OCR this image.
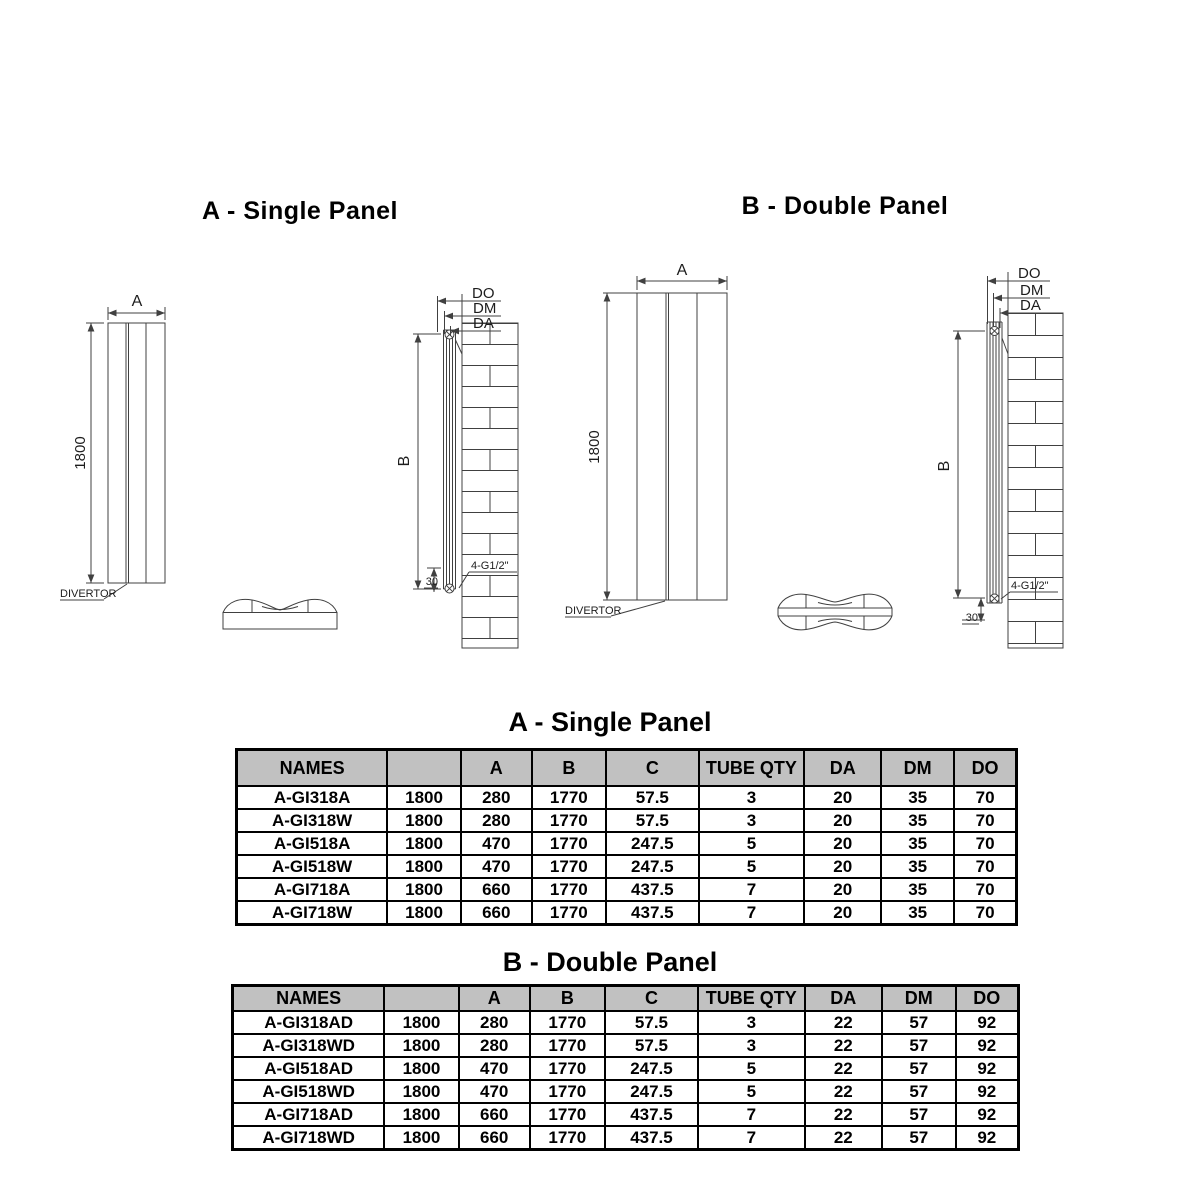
A - Single Panel	B - Double Panel
A
1800
DIVERTOR
B
30
4-G1/2"
DO
DM
DA
A
1800
DIVERTOR
B
30
4-G1/2"
DO
DM
DA
A - Single Panel
NAMES		A	B	C	TUBE QTY	DA	DM	DO
A-GI318A	1800	280	1770	57.5	3	20	35	70
A-GI318W	1800	280	1770	57.5	3	20	35	70
A-GI518A	1800	470	1770	247.5	5	20	35	70
A-GI518W	1800	470	1770	247.5	5	20	35	70
A-GI718A	1800	660	1770	437.5	7	20	35	70
A-GI718W	1800	660	1770	437.5	7	20	35	70
B - Double Panel
NAMES		A	B	C	TUBE QTY	DA	DM	DO
A-GI318AD	1800	280	1770	57.5	3	22	57	92
A-GI318WD	1800	280	1770	57.5	3	22	57	92
A-GI518AD	1800	470	1770	247.5	5	22	57	92
A-GI518WD	1800	470	1770	247.5	5	22	57	92
A-GI718AD	1800	660	1770	437.5	7	22	57	92
A-GI718WD	1800	660	1770	437.5	7	22	57	92
